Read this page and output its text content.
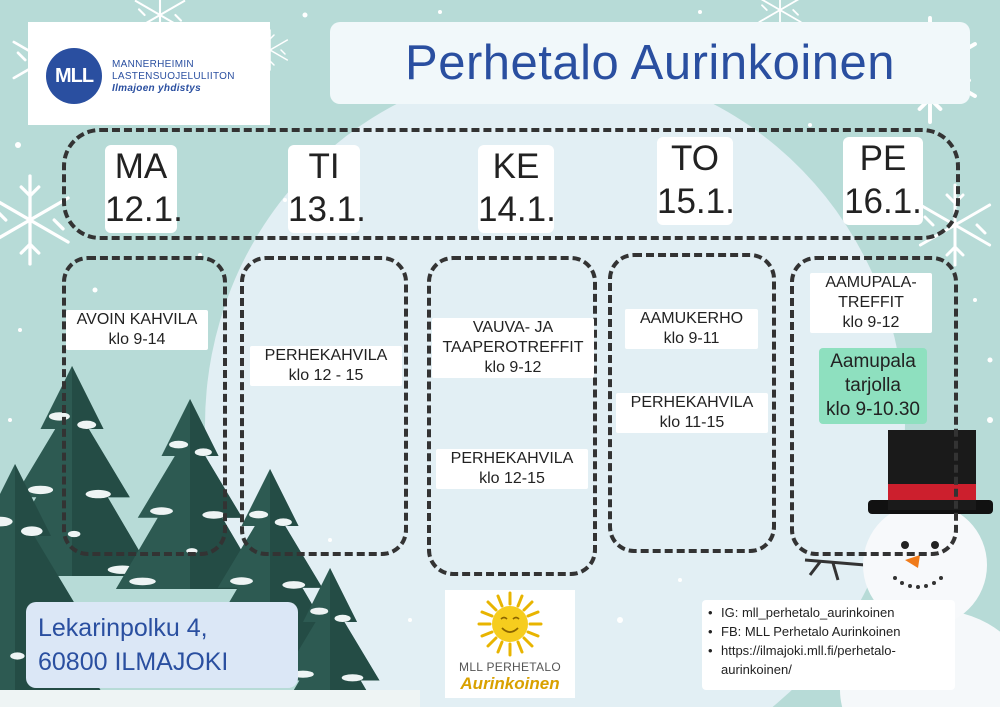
MLL	MANNERHEIMIN
LASTENSUOJELULIITON
Ilmajoen yhdistys	Perhetalo Aurinkoinen
MA
12.1.
TI
13.1.
KE
14.1.
TO
15.1.
PE
16.1.
AVOIN KAHVILA
klo 9-14
PERHEKAHVILA
klo 12 - 15
VAUVA- JA
TAAPEROTREFFIT
klo 9-12
PERHEKAHVILA
klo 12-15
AAMUKERHO
klo 9-11
PERHEKAHVILA
klo 11-15
AAMUPALA-
TREFFIT
klo 9-12
Aamupala
tarjolla
klo 9-10.30
Lekarinpolku 4,
60800 ILMAJOKI	MLL PERHETALO
Aurinkoinen
• IG: mll_perhetalo_aurinkoinen
• FB: MLL Perhetalo Aurinkoinen
• https://ilmajoki.mll.fi/perhetalo-
aurinkoinen/
